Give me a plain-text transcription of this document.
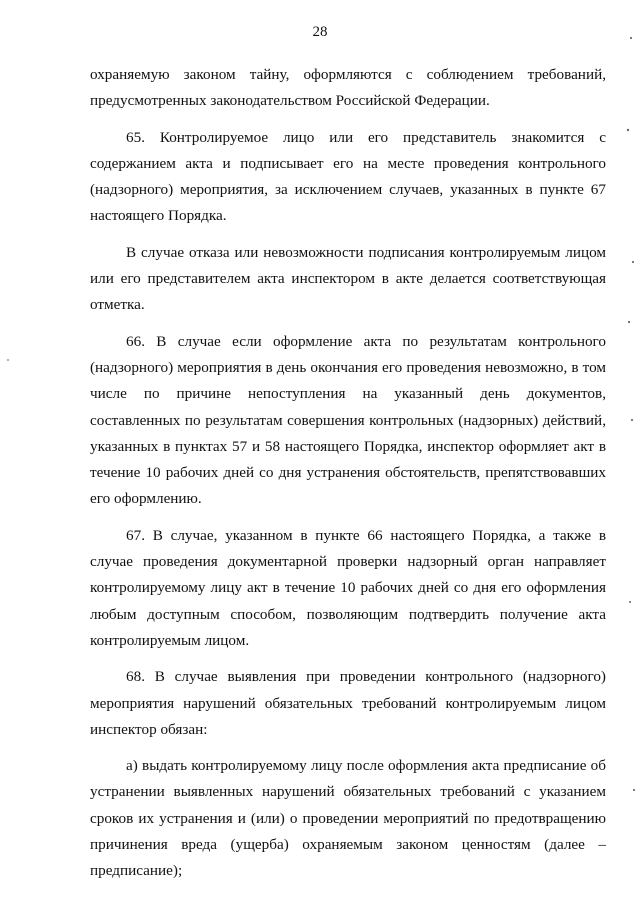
28

охраняемую законом тайну, оформляются с соблюдением требований, предусмотренных законодательством Российской Федерации.

65. Контролируемое лицо или его представитель знакомится с содержанием акта и подписывает его на месте проведения контрольного (надзорного) мероприятия, за исключением случаев, указанных в пункте 67 настоящего Порядка.

В случае отказа или невозможности подписания контролируемым лицом или его представителем акта инспектором в акте делается соответствующая отметка.

66. В случае если оформление акта по результатам контрольного (надзорного) мероприятия в день окончания его проведения невозможно, в том числе по причине непоступления на указанный день документов, составленных по результатам совершения контрольных (надзорных) действий, указанных в пунктах 57 и 58 настоящего Порядка, инспектор оформляет акт в течение 10 рабочих дней со дня устранения обстоятельств, препятствовавших его оформлению.

67. В случае, указанном в пункте 66 настоящего Порядка, а также в случае проведения документарной проверки надзорный орган направляет контролируемому лицу акт в течение 10 рабочих дней со дня его оформления любым доступным способом, позволяющим подтвердить получение акта контролируемым лицом.

68. В случае выявления при проведении контрольного (надзорного) мероприятия нарушений обязательных требований контролируемым лицом инспектор обязан:

а) выдать контролируемому лицу после оформления акта предписание об устранении выявленных нарушений обязательных требований с указанием сроков их устранения и (или) о проведении мероприятий по предотвращению причинения вреда (ущерба) охраняемым законом ценностям (далее – предписание);
